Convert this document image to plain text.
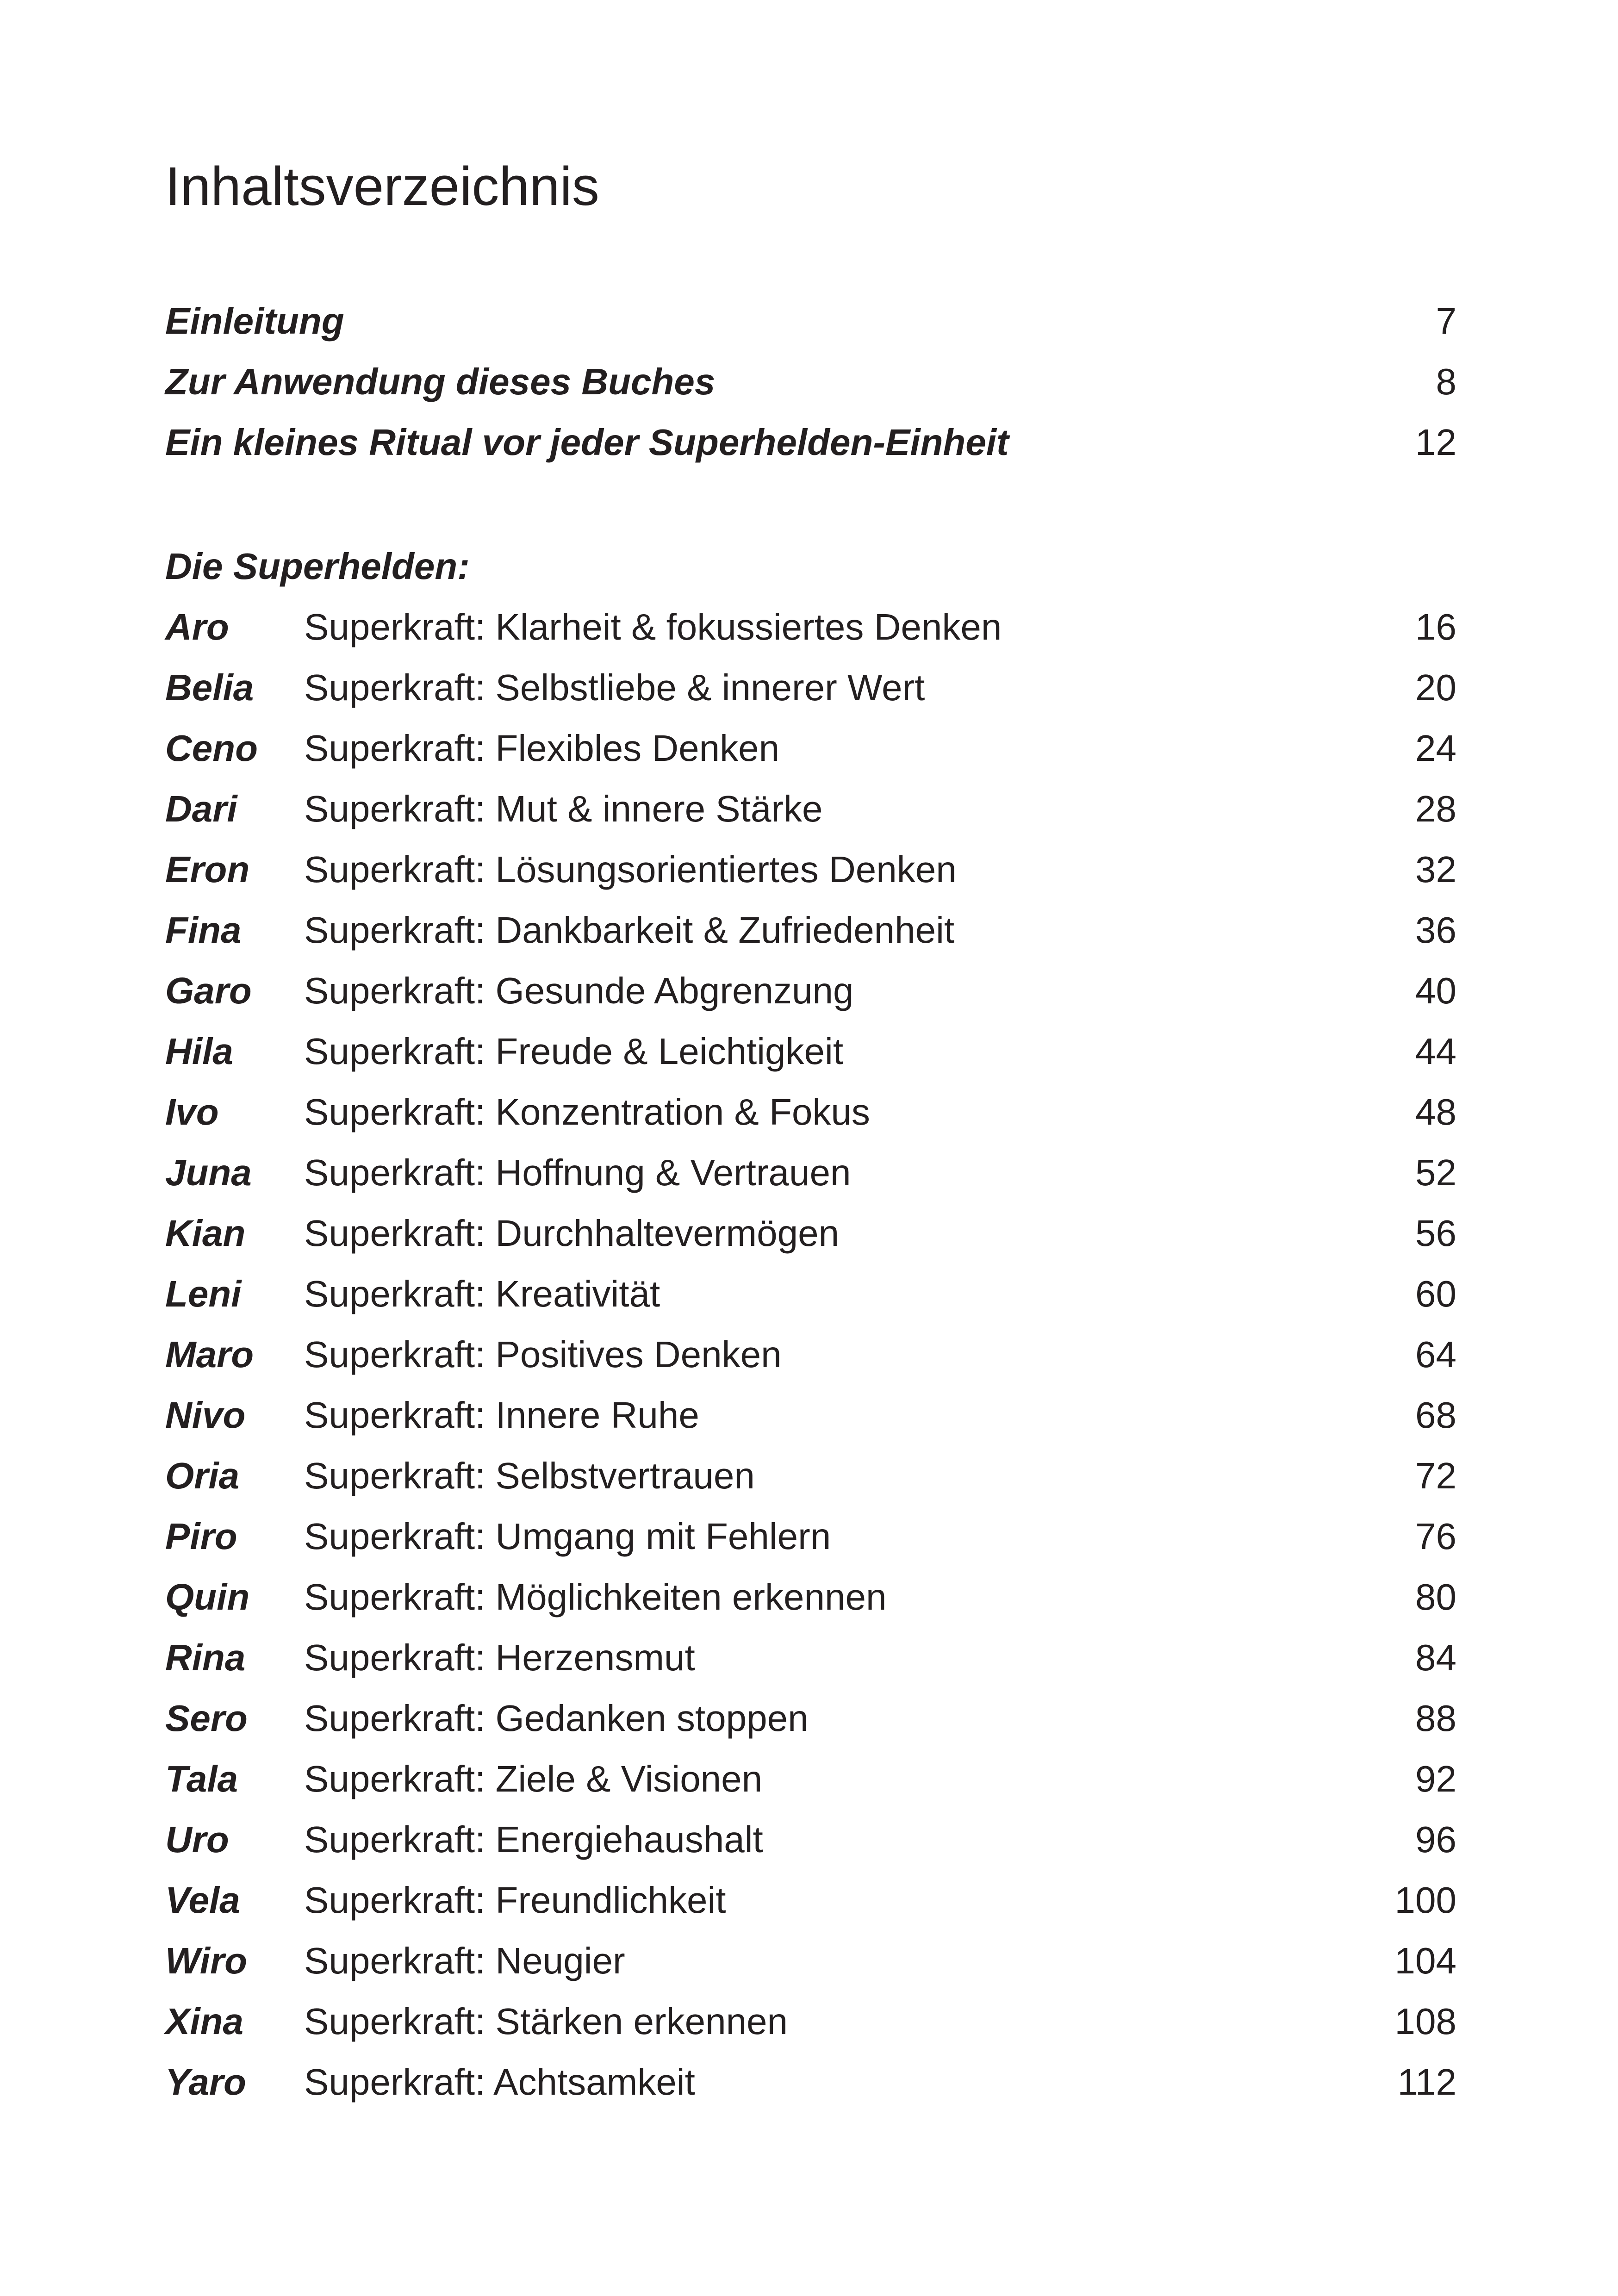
Inhaltsverzeichnis
Einleitung	7
Zur Anwendung dieses Buches	8
Ein kleines Ritual vor jeder Superhelden-Einheit	12
Die Superhelden:
Aro Superkraft: Klarheit & fokussiertes Denken	16
Belia Superkraft: Selbstliebe & innerer Wert	20
Ceno Superkraft: Flexibles Denken	24
Dari Superkraft: Mut & innere Stärke	28
Eron Superkraft: Lösungsorientiertes Denken	32
Fina Superkraft: Dankbarkeit & Zufriedenheit	36
Garo Superkraft: Gesunde Abgrenzung	40
Hila Superkraft: Freude & Leichtigkeit	44
Ivo Superkraft: Konzentration & Fokus	48
Juna Superkraft: Hoffnung & Vertrauen	52
Kian Superkraft: Durchhaltevermögen	56
Leni Superkraft: Kreativität	60
Maro Superkraft: Positives Denken	64
Nivo Superkraft: Innere Ruhe	68
Oria Superkraft: Selbstvertrauen	72
Piro Superkraft: Umgang mit Fehlern	76
Quin Superkraft: Möglichkeiten erkennen	80
Rina Superkraft: Herzensmut	84
Sero Superkraft: Gedanken stoppen	88
Tala Superkraft: Ziele & Visionen	92
Uro Superkraft: Energiehaushalt	96
Vela Superkraft: Freundlichkeit	100
Wiro Superkraft: Neugier	104
Xina Superkraft: Stärken erkennen	108
Yaro Superkraft: Achtsamkeit	112
